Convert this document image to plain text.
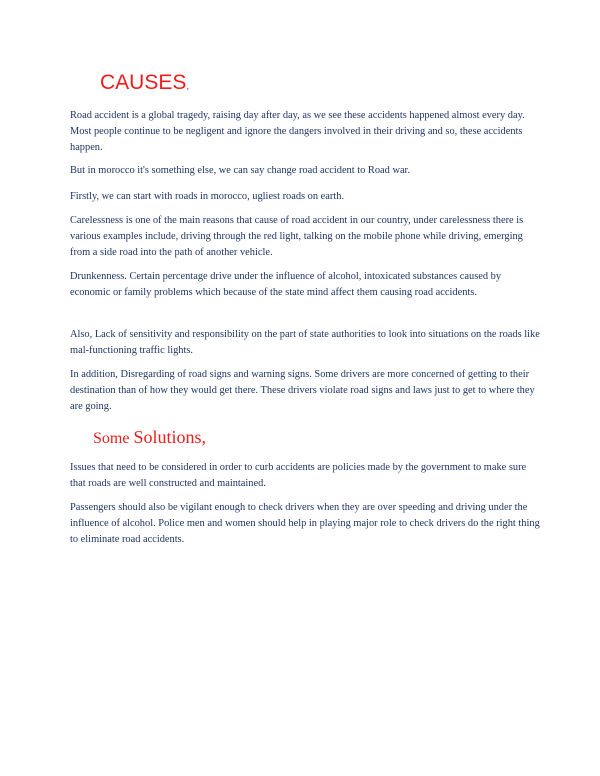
CAUSES,

Road accident is a global tragedy, raising day after day, as we see these accidents happened almost every day. Most people continue to be negligent and ignore the dangers involved in their driving and so, these accidents happen.

But in morocco it's something else, we can say change road accident to Road war.

Firstly, we can start with roads in morocco, ugliest roads on earth.

Carelessness is one of the main reasons that cause of road accident in our country, under carelessness there is various examples include, driving through the red light, talking on the mobile phone while driving, emerging from a side road into the path of another vehicle.

Drunkenness. Certain percentage drive under the influence of alcohol, intoxicated substances caused by economic or family problems which because of the state mind affect them causing road accidents.

Also, Lack of sensitivity and responsibility on the part of state authorities to look into situations on the roads like mal-functioning traffic lights.

In addition, Disregarding of road signs and warning signs. Some drivers are more concerned of getting to their destination than of how they would get there. These drivers violate road signs and laws just to get to where they are going.

Some Solutions,

Issues that need to be considered in order to curb accidents are policies made by the government to make sure that roads are well constructed and maintained.

Passengers should also be vigilant enough to check drivers when they are over speeding and driving under the influence of alcohol. Police men and women should help in playing major role to check drivers do the right thing to eliminate road accidents.
